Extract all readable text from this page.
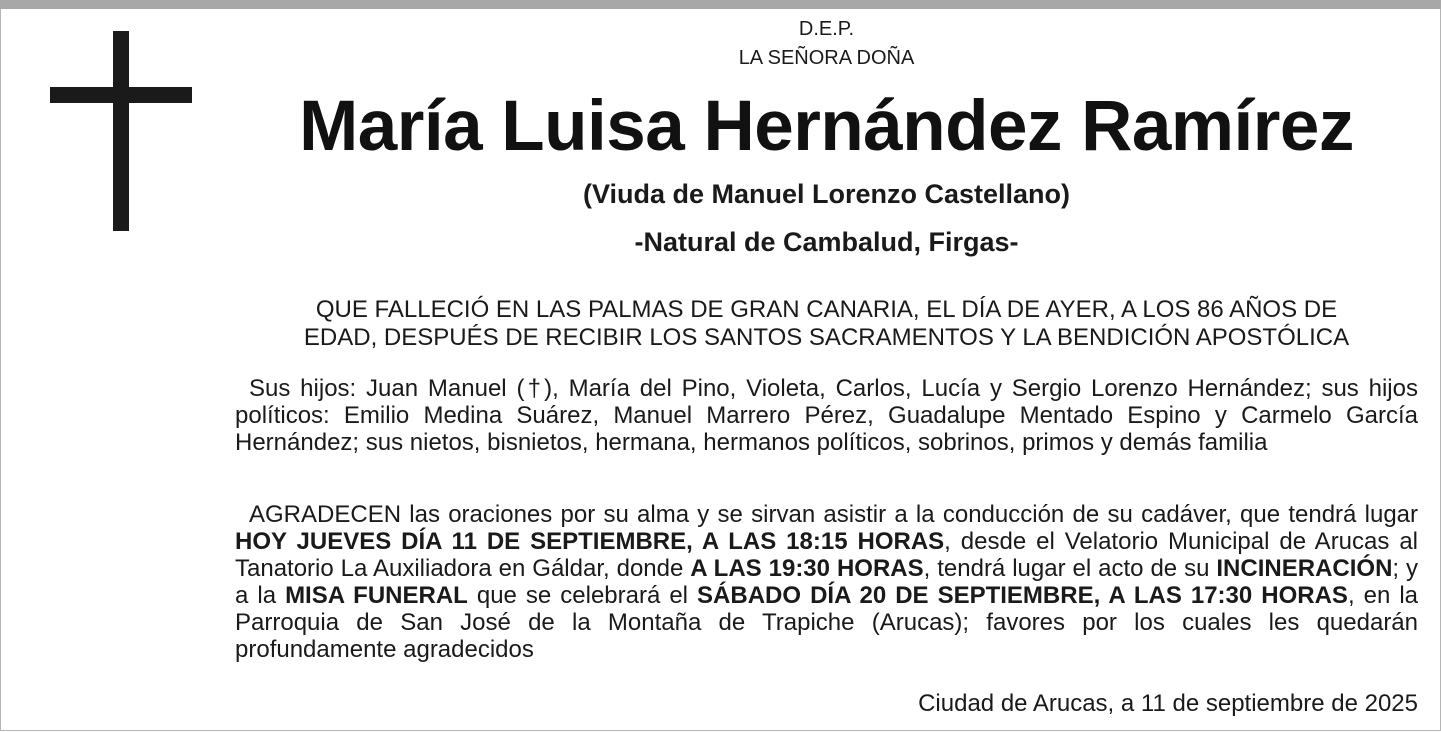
D.E.P.
LA SEÑORA DOÑA
María Luisa Hernández Ramírez
(Viuda de Manuel Lorenzo Castellano)
-Natural de Cambalud, Firgas-
QUE FALLECIÓ EN LAS PALMAS DE GRAN CANARIA, EL DÍA DE AYER, A LOS 86 AÑOS DE
EDAD, DESPUÉS DE RECIBIR LOS SANTOS SACRAMENTOS Y LA BENDICIÓN APOSTÓLICA
Sus hijos: Juan Manuel (†), María del Pino, Violeta, Carlos, Lucía y Sergio Lorenzo Hernández; sus hijos políticos: Emilio Medina Suárez, Manuel Marrero Pérez, Guadalupe Mentado Espino y Carmelo García Hernández; sus nietos, bisnietos, hermana, hermanos políticos, sobrinos, primos y demás familia
AGRADECEN las oraciones por su alma y se sirvan asistir a la conducción de su cadáver, que tendrá lugar HOY JUEVES DÍA 11 DE SEPTIEMBRE, A LAS 18:15 HORAS, desde el Velatorio Municipal de Arucas al Tanatorio La Auxiliadora en Gáldar, donde A LAS 19:30 HORAS, tendrá lugar el acto de su INCINERACIÓN; y a la MISA FUNERAL que se celebrará el SÁBADO DÍA 20 DE SEPTIEMBRE, A LAS 17:30 HORAS, en la Parroquia de San José de la Montaña de Trapiche (Arucas); favores por los cuales les quedarán profundamente agradecidos
Ciudad de Arucas, a 11 de septiembre de 2025
